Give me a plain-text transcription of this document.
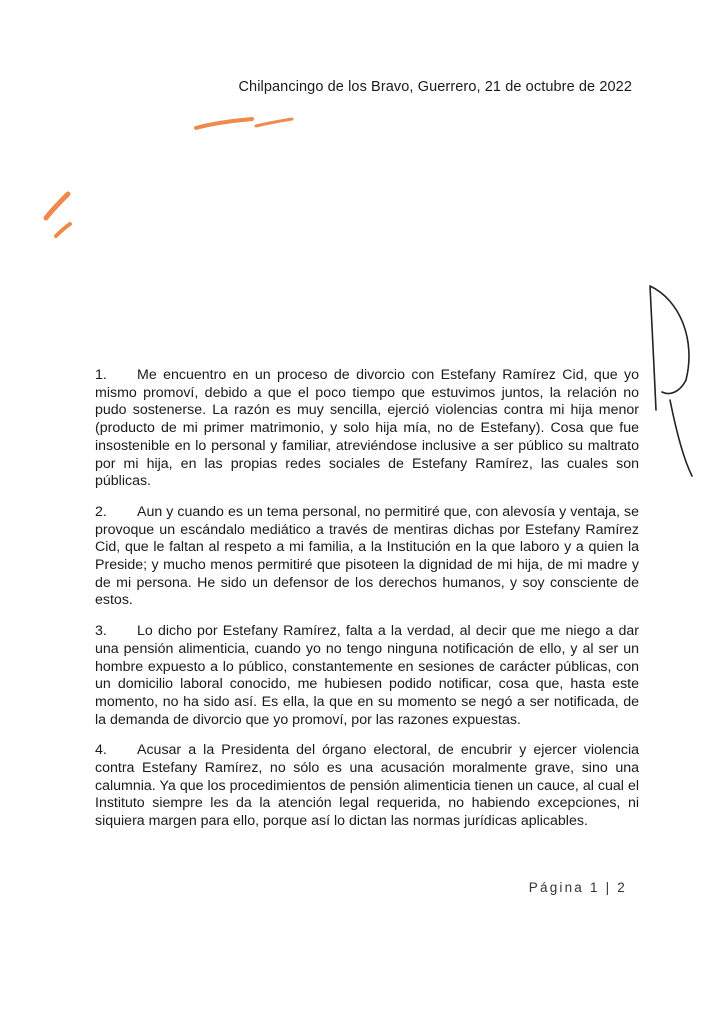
Chilpancingo de los Bravo, Guerrero, 21 de octubre de 2022

1. Me encuentro en un proceso de divorcio con Estefany Ramírez Cid, que yo mismo promoví, debido a que el poco tiempo que estuvimos juntos, la relación no pudo sostenerse. La razón es muy sencilla, ejerció violencias contra mi hija menor (producto de mi primer matrimonio, y solo hija mía, no de Estefany). Cosa que fue insostenible en lo personal y familiar, atreviéndose inclusive a ser público su maltrato por mi hija, en las propias redes sociales de Estefany Ramírez, las cuales son públicas.

2. Aun y cuando es un tema personal, no permitiré que, con alevosía y ventaja, se provoque un escándalo mediático a través de mentiras dichas por Estefany Ramírez Cid, que le faltan al respeto a mi familia, a la Institución en la que laboro y a quien la Preside; y mucho menos permitiré que pisoteen la dignidad de mi hija, de mi madre y de mi persona. He sido un defensor de los derechos humanos, y soy consciente de estos.

3. Lo dicho por Estefany Ramírez, falta a la verdad, al decir que me niego a dar una pensión alimenticia, cuando yo no tengo ninguna notificación de ello, y al ser un hombre expuesto a lo público, constantemente en sesiones de carácter públicas, con un domicilio laboral conocido, me hubiesen podido notificar, cosa que, hasta este momento, no ha sido así. Es ella, la que en su momento se negó a ser notificada, de la demanda de divorcio que yo promoví, por las razones expuestas.

4. Acusar a la Presidenta del órgano electoral, de encubrir y ejercer violencia contra Estefany Ramírez, no sólo es una acusación moralmente grave, sino una calumnia. Ya que los procedimientos de pensión alimenticia tienen un cauce, al cual el Instituto siempre les da la atención legal requerida, no habiendo excepciones, ni siquiera margen para ello, porque así lo dictan las normas jurídicas aplicables.

Página 1 | 2
